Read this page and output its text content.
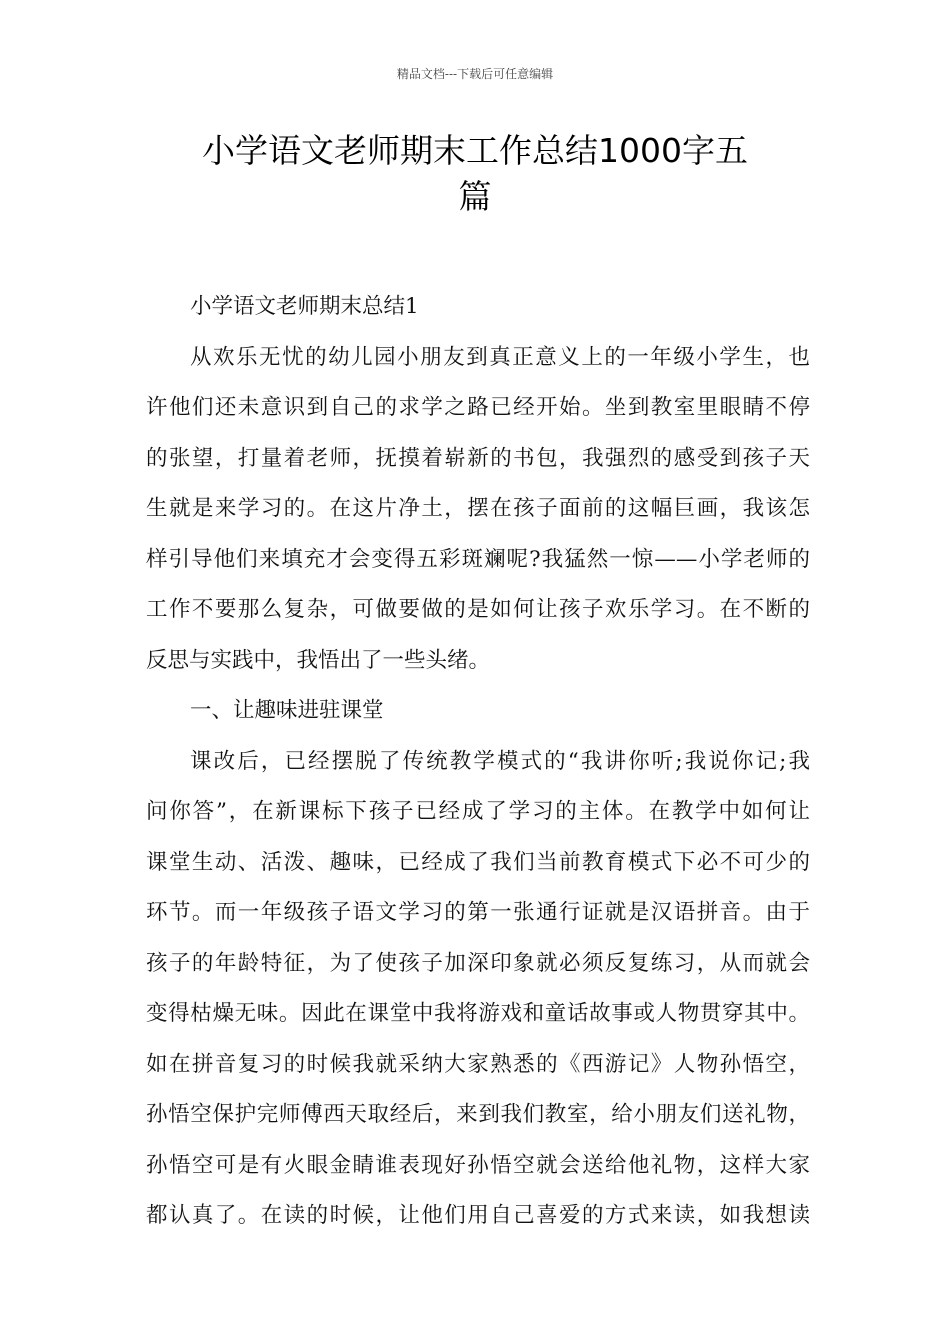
精品文档---下载后可任意编辑
小学语文老师期末工作总结1000字五
篇
小学语文老师期末总结1
从欢乐无忧的幼儿园小朋友到真正意义上的一年级小学生，也
许他们还未意识到自己的求学之路已经开始。坐到教室里眼睛不停
的张望，打量着老师，抚摸着崭新的书包，我强烈的感受到孩子天
生就是来学习的。在这片净土，摆在孩子面前的这幅巨画，我该怎
样引导他们来填充才会变得五彩斑斓呢?我猛然一惊——小学老师的
工作不要那么复杂，可做要做的是如何让孩子欢乐学习。在不断的
反思与实践中，我悟出了一些头绪。
一、让趣味进驻课堂
课改后，已经摆脱了传统教学模式的“我讲你听;我说你记;我
问你答”，在新课标下孩子已经成了学习的主体。在教学中如何让
课堂生动、活泼、趣味，已经成了我们当前教育模式下必不可少的
环节。而一年级孩子语文学习的第一张通行证就是汉语拼音。由于
孩子的年龄特征，为了使孩子加深印象就必须反复练习，从而就会
变得枯燥无味。因此在课堂中我将游戏和童话故事或人物贯穿其中。
如在拼音复习的时候我就采纳大家熟悉的《西游记》人物孙悟空，
孙悟空保护完师傅西天取经后，来到我们教室，给小朋友们送礼物，
孙悟空可是有火眼金睛谁表现好孙悟空就会送给他礼物，这样大家
都认真了。在读的时候，让他们用自己喜爱的方式来读，如我想读
